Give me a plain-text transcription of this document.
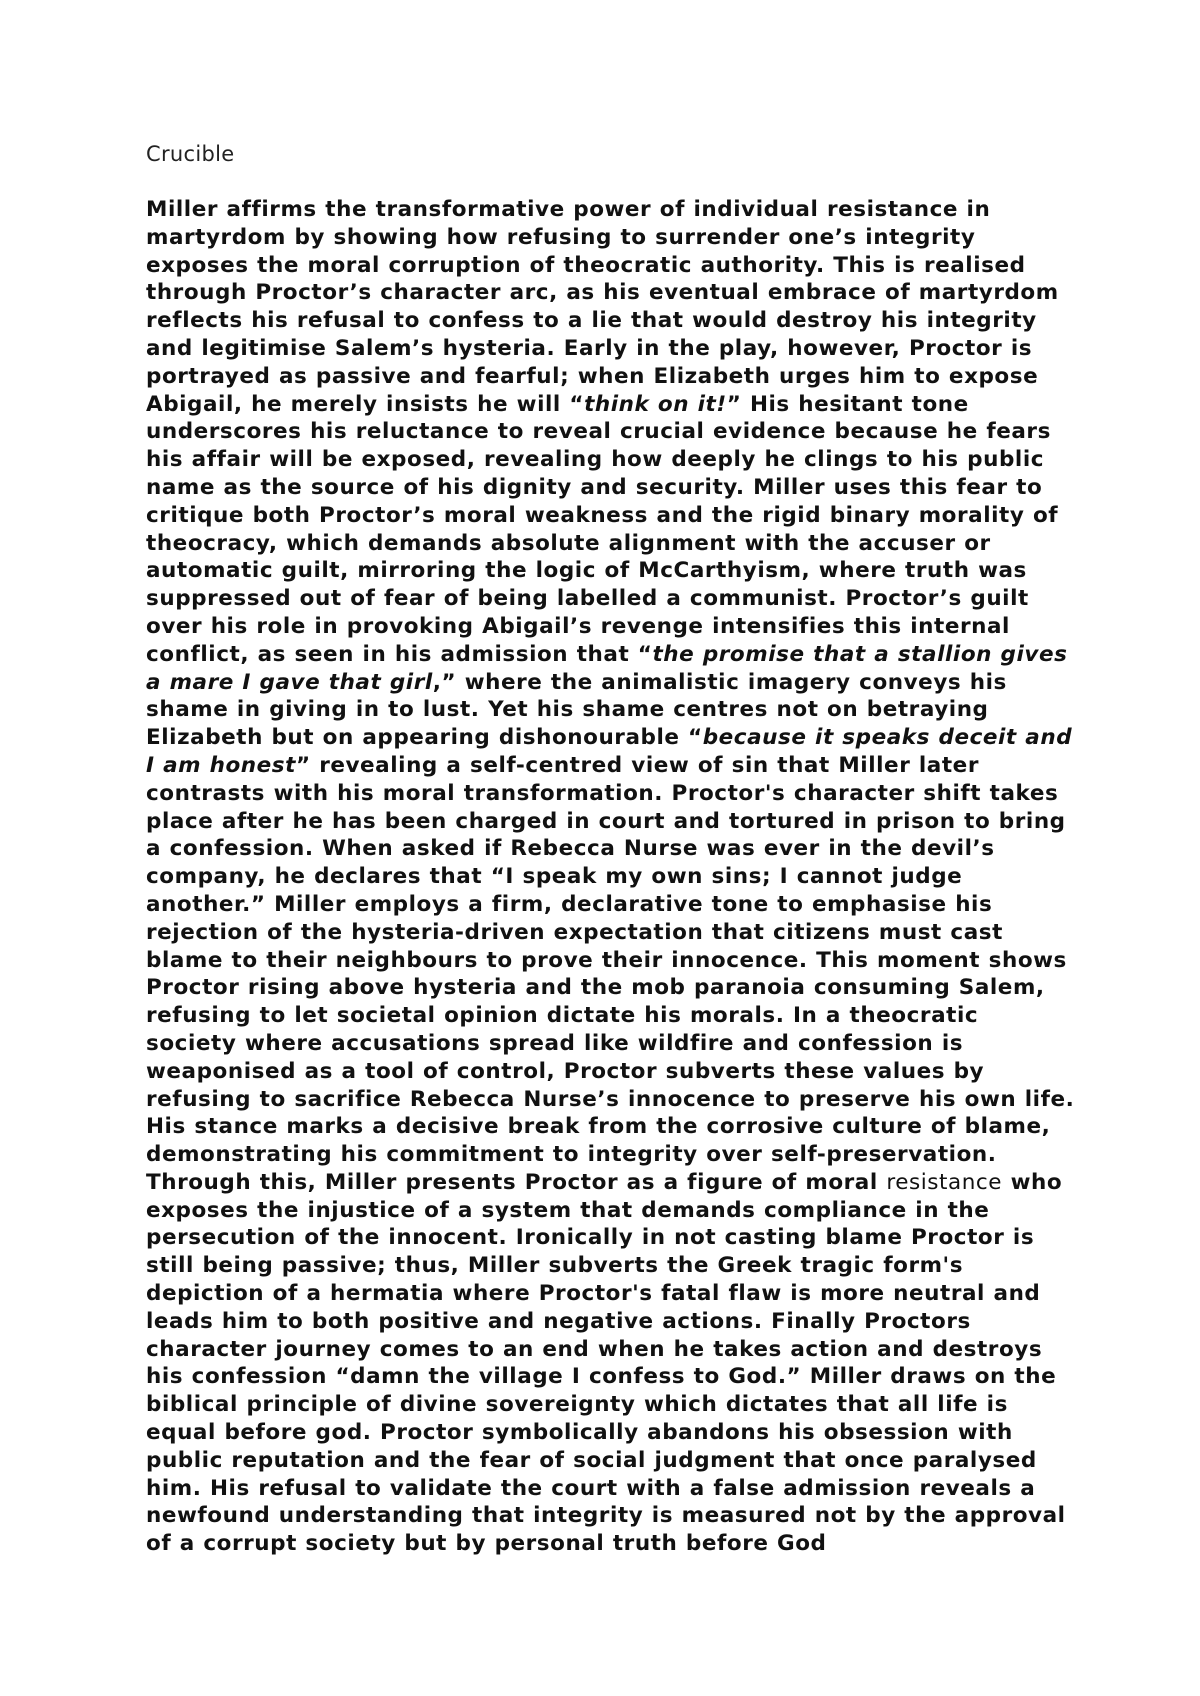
Crucible

Miller affirms the transformative power of individual resistance in martyrdom by showing how refusing to surrender one’s integrity exposes the moral corruption of theocratic authority. This is realised through Proctor’s character arc, as his eventual embrace of martyrdom reflects his refusal to confess to a lie that would destroy his integrity and legitimise Salem’s hysteria. Early in the play, however, Proctor is portrayed as passive and fearful; when Elizabeth urges him to expose Abigail, he merely insists he will “think on it!” His hesitant tone underscores his reluctance to reveal crucial evidence because he fears his affair will be exposed, revealing how deeply he clings to his public name as the source of his dignity and security. Miller uses this fear to critique both Proctor’s moral weakness and the rigid binary morality of theocracy, which demands absolute alignment with the accuser or automatic guilt, mirroring the logic of McCarthyism, where truth was suppressed out of fear of being labelled a communist. Proctor’s guilt over his role in provoking Abigail’s revenge intensifies this internal conflict, as seen in his admission that “the promise that a stallion gives a mare I gave that girl,” where the animalistic imagery conveys his shame in giving in to lust. Yet his shame centres not on betraying Elizabeth but on appearing dishonourable “because it speaks deceit and I am honest” revealing a self-centred view of sin that Miller later contrasts with his moral transformation. Proctor's character shift takes place after he has been charged in court and tortured in prison to bring a confession. When asked if Rebecca Nurse was ever in the devil’s company, he declares that “I speak my own sins; I cannot judge another.” Miller employs a firm, declarative tone to emphasise his rejection of the hysteria-driven expectation that citizens must cast blame to their neighbours to prove their innocence. This moment shows Proctor rising above hysteria and the mob paranoia consuming Salem, refusing to let societal opinion dictate his morals. In a theocratic society where accusations spread like wildfire and confession is weaponised as a tool of control, Proctor subverts these values by refusing to sacrifice Rebecca Nurse’s innocence to preserve his own life. His stance marks a decisive break from the corrosive culture of blame, demonstrating his commitment to integrity over self-preservation. Through this, Miller presents Proctor as a figure of moral resistance who exposes the injustice of a system that demands compliance in the persecution of the innocent. Ironically in not casting blame Proctor is still being passive; thus, Miller subverts the Greek tragic form's depiction of a hermatia where Proctor's fatal flaw is more neutral and leads him to both positive and negative actions. Finally Proctors character journey comes to an end when he takes action and destroys his confession “damn the village I confess to God.” Miller draws on the biblical principle of divine sovereignty which dictates that all life is equal before god. Proctor symbolically abandons his obsession with public reputation and the fear of social judgment that once paralysed him. His refusal to validate the court with a false admission reveals a newfound understanding that integrity is measured not by the approval of a corrupt society but by personal truth before God
